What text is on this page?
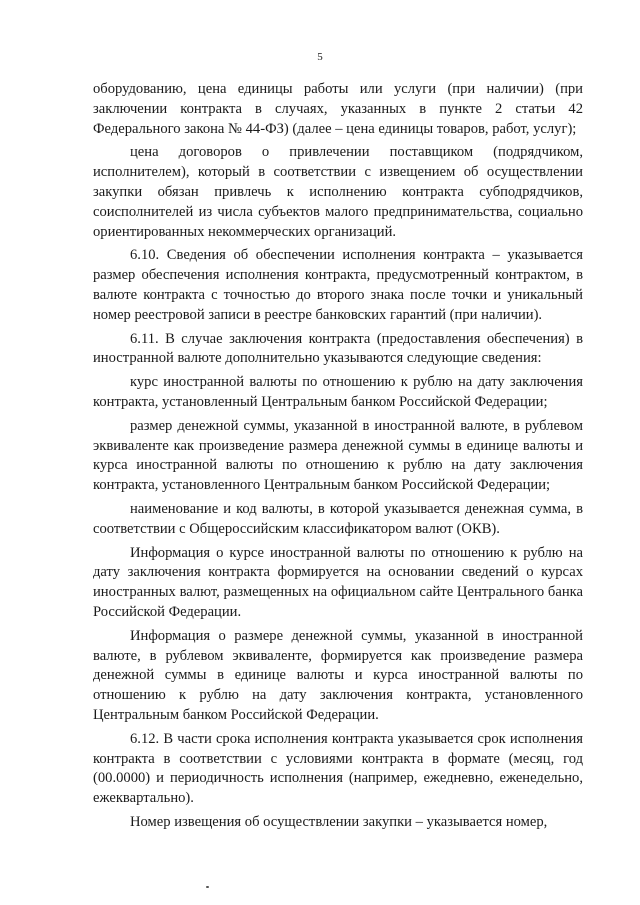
5

оборудованию, цена единицы работы или услуги (при наличии) (при заключении контракта в случаях, указанных в пункте 2 статьи 42 Федерального закона № 44-ФЗ) (далее – цена единицы товаров, работ, услуг);

цена договоров о привлечении поставщиком (подрядчиком, исполнителем), который в соответствии с извещением об осуществлении закупки обязан привлечь к исполнению контракта субподрядчиков, соисполнителей из числа субъектов малого предпринимательства, социально ориентированных некоммерческих организаций.

6.10. Сведения об обеспечении исполнения контракта – указывается размер обеспечения исполнения контракта, предусмотренный контрактом, в валюте контракта с точностью до второго знака после точки и уникальный номер реестровой записи в реестре банковских гарантий (при наличии).

6.11. В случае заключения контракта (предоставления обеспечения) в иностранной валюте дополнительно указываются следующие сведения:

курс иностранной валюты по отношению к рублю на дату заключения контракта, установленный Центральным банком Российской Федерации;

размер денежной суммы, указанной в иностранной валюте, в рублевом эквиваленте как произведение размера денежной суммы в единице валюты и курса иностранной валюты по отношению к рублю на дату заключения контракта, установленного Центральным банком Российской Федерации;

наименование и код валюты, в которой указывается денежная сумма, в соответствии с Общероссийским классификатором валют (ОКВ).

Информация о курсе иностранной валюты по отношению к рублю на дату заключения контракта формируется на основании сведений о курсах иностранных валют, размещенных на официальном сайте Центрального банка Российской Федерации.

Информация о размере денежной суммы, указанной в иностранной валюте, в рублевом эквиваленте, формируется как произведение размера денежной суммы в единице валюты и курса иностранной валюты по отношению к рублю на дату заключения контракта, установленного Центральным банком Российской Федерации.

6.12. В части срока исполнения контракта указывается срок исполнения контракта в соответствии с условиями контракта в формате (месяц, год (00.0000) и периодичность исполнения (например, ежедневно, еженедельно, ежеквартально).

Номер извещения об осуществлении закупки – указывается номер,
